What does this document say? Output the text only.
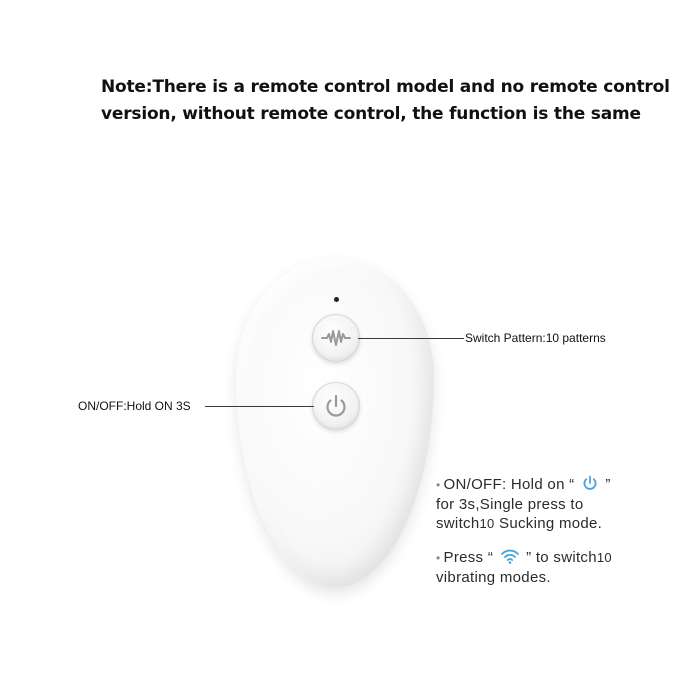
Note:There is a remote control model and no remote control
version, without remote control, the function is the same
Switch Pattern:10 patterns
ON/OFF:Hold ON 3S
• ON/OFF: Hold on “ ”
for 3s,Single press to
switch10 Sucking mode.
• Press “ ” to switch10
vibrating modes.
